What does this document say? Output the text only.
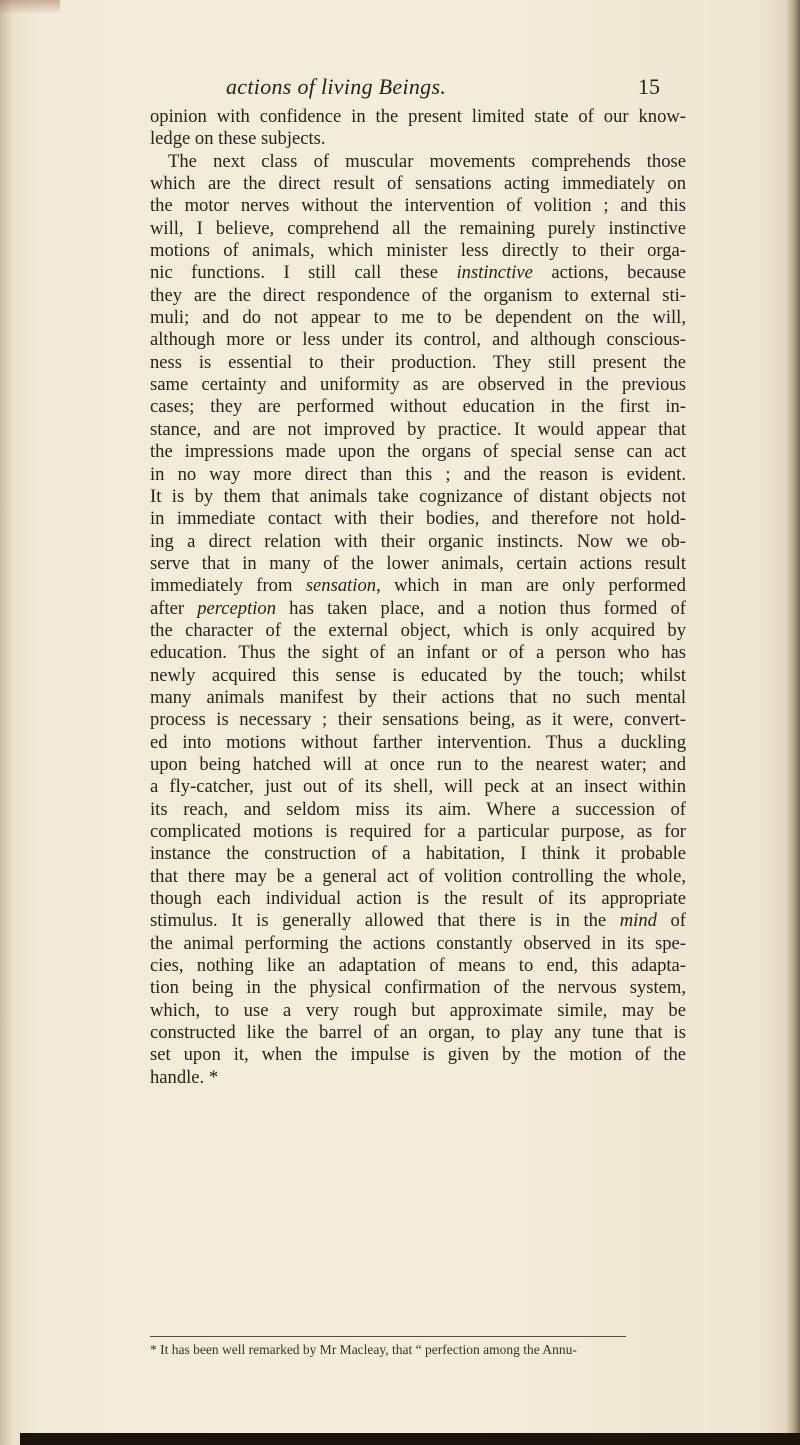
actions of living Beings.	15
opinion with confidence in the present limited state of our know-
ledge on these subjects.
The next class of muscular movements comprehends those
which are the direct result of sensations acting immediately on
the motor nerves without the intervention of volition ; and this
will, I believe, comprehend all the remaining purely instinctive
motions of animals, which minister less directly to their orga-
nic functions. I still call these instinctive actions, because
they are the direct respondence of the organism to external sti-
muli; and do not appear to me to be dependent on the will,
although more or less under its control, and although conscious-
ness is essential to their production. They still present the
same certainty and uniformity as are observed in the previous
cases; they are performed without education in the first in-
stance, and are not improved by practice. It would appear that
the impressions made upon the organs of special sense can act
in no way more direct than this ; and the reason is evident.
It is by them that animals take cognizance of distant objects not
in immediate contact with their bodies, and therefore not hold-
ing a direct relation with their organic instincts. Now we ob-
serve that in many of the lower animals, certain actions result
immediately from sensation, which in man are only performed
after perception has taken place, and a notion thus formed of
the character of the external object, which is only acquired by
education. Thus the sight of an infant or of a person who has
newly acquired this sense is educated by the touch; whilst
many animals manifest by their actions that no such mental
process is necessary ; their sensations being, as it were, convert-
ed into motions without farther intervention. Thus a duckling
upon being hatched will at once run to the nearest water; and
a fly-catcher, just out of its shell, will peck at an insect within
its reach, and seldom miss its aim. Where a succession of
complicated motions is required for a particular purpose, as for
instance the construction of a habitation, I think it probable
that there may be a general act of volition controlling the whole,
though each individual action is the result of its appropriate
stimulus. It is generally allowed that there is in the mind of
the animal performing the actions constantly observed in its spe-
cies, nothing like an adaptation of means to end, this adapta-
tion being in the physical confirmation of the nervous system,
which, to use a very rough but approximate simile, may be
constructed like the barrel of an organ, to play any tune that is
set upon it, when the impulse is given by the motion of the
handle. *
* It has been well remarked by Mr Macleay, that “ perfection among the Annu-
